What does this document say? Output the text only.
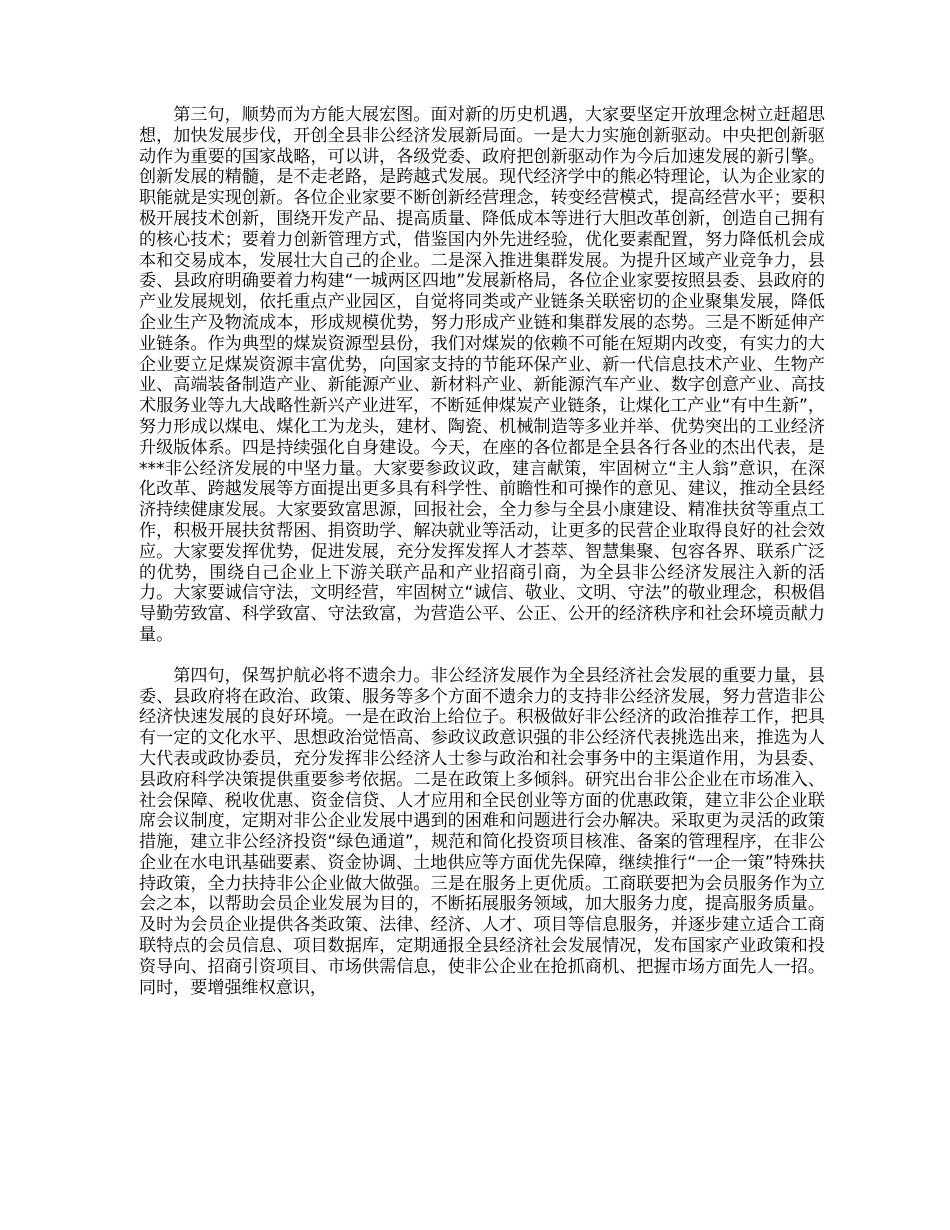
第三句，顺势而为方能大展宏图。面对新的历史机遇，大家要坚定开放理念树立赶超思想，加快发展步伐，开创全县非公经济发展新局面。一是大力实施创新驱动。中央把创新驱动作为重要的国家战略，可以讲，各级党委、政府把创新驱动作为今后加速发展的新引擎。创新发展的精髓，是不走老路，是跨越式发展。现代经济学中的熊必特理论，认为企业家的职能就是实现创新。各位企业家要不断创新经营理念，转变经营模式，提高经营水平；要积极开展技术创新，围绕开发产品、提高质量、降低成本等进行大胆改革创新，创造自己拥有的核心技术；要着力创新管理方式，借鉴国内外先进经验，优化要素配置，努力降低机会成本和交易成本，发展壮大自己的企业。二是深入推进集群发展。为提升区域产业竞争力，县委、县政府明确要着力构建“一城两区四地”发展新格局，各位企业家要按照县委、县政府的产业发展规划，依托重点产业园区，自觉将同类或产业链条关联密切的企业聚集发展，降低企业生产及物流成本，形成规模优势，努力形成产业链和集群发展的态势。三是不断延伸产业链条。作为典型的煤炭资源型县份，我们对煤炭的依赖不可能在短期内改变，有实力的大企业要立足煤炭资源丰富优势，向国家支持的节能环保产业、新一代信息技术产业、生物产业、高端装备制造产业、新能源产业、新材料产业、新能源汽车产业、数字创意产业、高技术服务业等九大战略性新兴产业进军，不断延伸煤炭产业链条，让煤化工产业“有中生新”，努力形成以煤电、煤化工为龙头，建材、陶瓷、机械制造等多业并举、优势突出的工业经济升级版体系。四是持续强化自身建设。今天，在座的各位都是全县各行各业的杰出代表，是***非公经济发展的中坚力量。大家要参政议政，建言献策，牢固树立“主人翁”意识，在深化改革、跨越发展等方面提出更多具有科学性、前瞻性和可操作的意见、建议，推动全县经济持续健康发展。大家要致富思源，回报社会，全力参与全县小康建设、精准扶贫等重点工作，积极开展扶贫帮困、捐资助学、解决就业等活动，让更多的民营企业取得良好的社会效应。大家要发挥优势，促进发展，充分发挥发挥人才荟萃、智慧集聚、包容各界、联系广泛的优势，围绕自己企业上下游关联产品和产业招商引商，为全县非公经济发展注入新的活力。大家要诚信守法，文明经营，牢固树立“诚信、敬业、文明、守法”的敬业理念，积极倡导勤劳致富、科学致富、守法致富，为营造公平、公正、公开的经济秩序和社会环境贡献力量。

第四句，保驾护航必将不遗余力。非公经济发展作为全县经济社会发展的重要力量，县委、县政府将在政治、政策、服务等多个方面不遗余力的支持非公经济发展，努力营造非公经济快速发展的良好环境。一是在政治上给位子。积极做好非公经济的政治推荐工作，把具有一定的文化水平、思想政治觉悟高、参政议政意识强的非公经济代表挑选出来，推选为人大代表或政协委员，充分发挥非公经济人士参与政治和社会事务中的主渠道作用，为县委、县政府科学决策提供重要参考依据。二是在政策上多倾斜。研究出台非公企业在市场准入、社会保障、税收优惠、资金信贷、人才应用和全民创业等方面的优惠政策，建立非公企业联席会议制度，定期对非公企业发展中遇到的困难和问题进行会办解决。采取更为灵活的政策措施，建立非公经济投资“绿色通道”，规范和简化投资项目核准、备案的管理程序，在非公企业在水电讯基础要素、资金协调、土地供应等方面优先保障，继续推行“一企一策”特殊扶持政策，全力扶持非公企业做大做强。三是在服务上更优质。工商联要把为会员服务作为立会之本，以帮助会员企业发展为目的，不断拓展服务领域，加大服务力度，提高服务质量。及时为会员企业提供各类政策、法律、经济、人才、项目等信息服务，并逐步建立适合工商联特点的会员信息、项目数据库，定期通报全县经济社会发展情况，发布国家产业政策和投资导向、招商引资项目、市场供需信息，使非公企业在抢抓商机、把握市场方面先人一招。同时，要增强维权意识，
